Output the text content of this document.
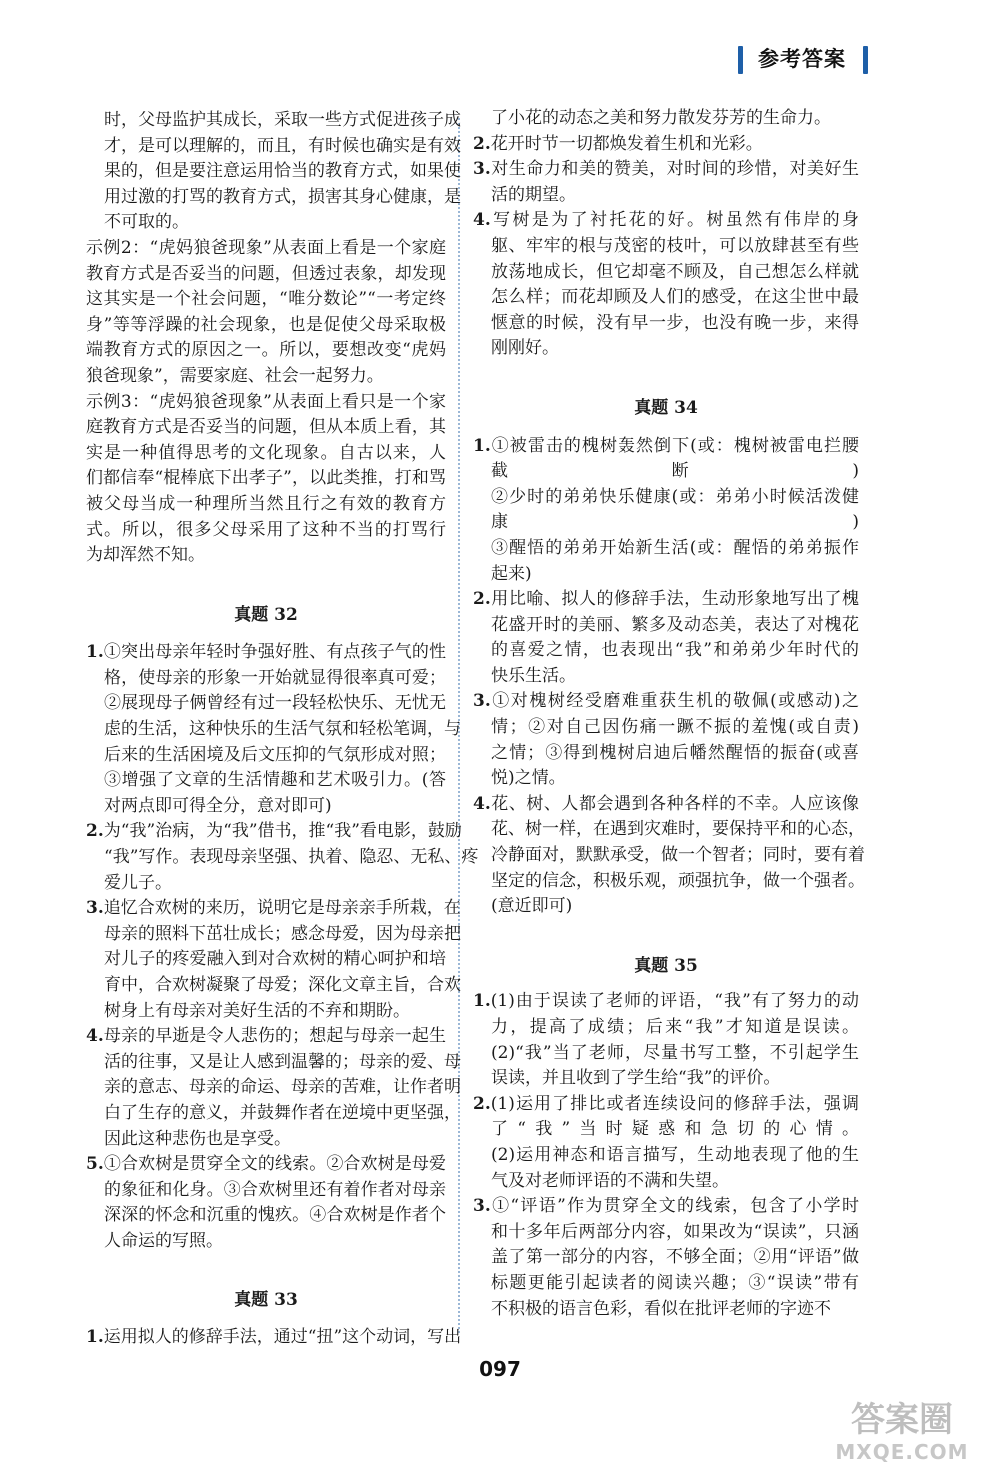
参考答案
时，父母监护其成长，采取一些方式促进孩子成
才，是可以理解的，而且，有时候也确实是有效
果的，但是要注意运用恰当的教育方式，如果使
用过激的打骂的教育方式，损害其身心健康，是
不可取的。
示例2：“虎妈狼爸现象”从表面上看是一个家庭
教育方式是否妥当的问题，但透过表象，却发现
这其实是一个社会问题，“唯分数论”“一考定终
身”等等浮躁的社会现象，也是促使父母采取极
端教育方式的原因之一。所以，要想改变“虎妈
狼爸现象”，需要家庭、社会一起努力。
示例3：“虎妈狼爸现象”从表面上看只是一个家
庭教育方式是否妥当的问题，但从本质上看，其
实是一种值得思考的文化现象。自古以来，人
们都信奉“棍棒底下出孝子”，以此类推，打和骂
被父母当成一种理所当然且行之有效的教育方
式。所以，很多父母采用了这种不当的打骂行
为却浑然不知。
真题 32
1.①突出母亲年轻时争强好胜、有点孩子气的性
格，使母亲的形象一开始就显得很率真可爱；
②展现母子俩曾经有过一段轻松快乐、无忧无
虑的生活，这种快乐的生活气氛和轻松笔调，与
后来的生活困境及后文压抑的气氛形成对照；
③增强了文章的生活情趣和艺术吸引力。(答
对两点即可得全分，意对即可)
2.为“我”治病，为“我”借书，推“我”看电影，鼓励
“我”写作。表现母亲坚强、执着、隐忍、无私、疼
爱儿子。
3.追忆合欢树的来历，说明它是母亲亲手所栽，在
母亲的照料下茁壮成长；感念母爱，因为母亲把
对儿子的疼爱融入到对合欢树的精心呵护和培
育中，合欢树凝聚了母爱；深化文章主旨，合欢
树身上有母亲对美好生活的不弃和期盼。
4.母亲的早逝是令人悲伤的；想起与母亲一起生
活的往事，又是让人感到温馨的；母亲的爱、母
亲的意志、母亲的命运、母亲的苦难，让作者明
白了生存的意义，并鼓舞作者在逆境中更坚强，
因此这种悲伤也是享受。
5.①合欢树是贯穿全文的线索。②合欢树是母爱
的象征和化身。③合欢树里还有着作者对母亲
深深的怀念和沉重的愧疚。④合欢树是作者个
人命运的写照。
真题 33
1.运用拟人的修辞手法，通过“扭”这个动词，写出
了小花的动态之美和努力散发芬芳的生命力。
2.花开时节一切都焕发着生机和光彩。
3.对生命力和美的赞美，对时间的珍惜，对美好生
活的期望。
4.写树是为了衬托花的好。树虽然有伟岸的身
躯、牢牢的根与茂密的枝叶，可以放肆甚至有些
放荡地成长，但它却毫不顾及，自己想怎么样就
怎么样；而花却顾及人们的感受，在这尘世中最
惬意的时候，没有早一步，也没有晚一步，来得
刚刚好。
真题 34
1.①被雷击的槐树轰然倒下(或：槐树被雷电拦腰
截断)
②少时的弟弟快乐健康(或：弟弟小时候活泼健
康)
③醒悟的弟弟开始新生活(或：醒悟的弟弟振作
起来)
2.用比喻、拟人的修辞手法，生动形象地写出了槐
花盛开时的美丽、繁多及动态美，表达了对槐花
的喜爱之情，也表现出“我”和弟弟少年时代的
快乐生活。
3.①对槐树经受磨难重获生机的敬佩(或感动)之
情；②对自己因伤痛一蹶不振的羞愧(或自责)
之情；③得到槐树启迪后幡然醒悟的振奋(或喜
悦)之情。
4.花、树、人都会遇到各种各样的不幸。人应该像
花、树一样，在遇到灾难时，要保持平和的心态，
冷静面对，默默承受，做一个智者；同时，要有着
坚定的信念，积极乐观，顽强抗争，做一个强者。
(意近即可)
真题 35
1.(1)由于误读了老师的评语，“我”有了努力的动
力，提高了成绩；后来“我”才知道是误读。
(2)“我”当了老师，尽量书写工整，不引起学生
误读，并且收到了学生给“我”的评价。
2.(1)运用了排比或者连续设问的修辞手法，强调
了“我”当时疑惑和急切的心情。
(2)运用神态和语言描写，生动地表现了他的生
气及对老师评语的不满和失望。
3.①“评语”作为贯穿全文的线索，包含了小学时
和十多年后两部分内容，如果改为“误读”，只涵
盖了第一部分的内容，不够全面；②用“评语”做
标题更能引起读者的阅读兴趣；③“误读”带有
不积极的语言色彩，看似在批评老师的字迹不
097
答案圈
MXQE.COM
